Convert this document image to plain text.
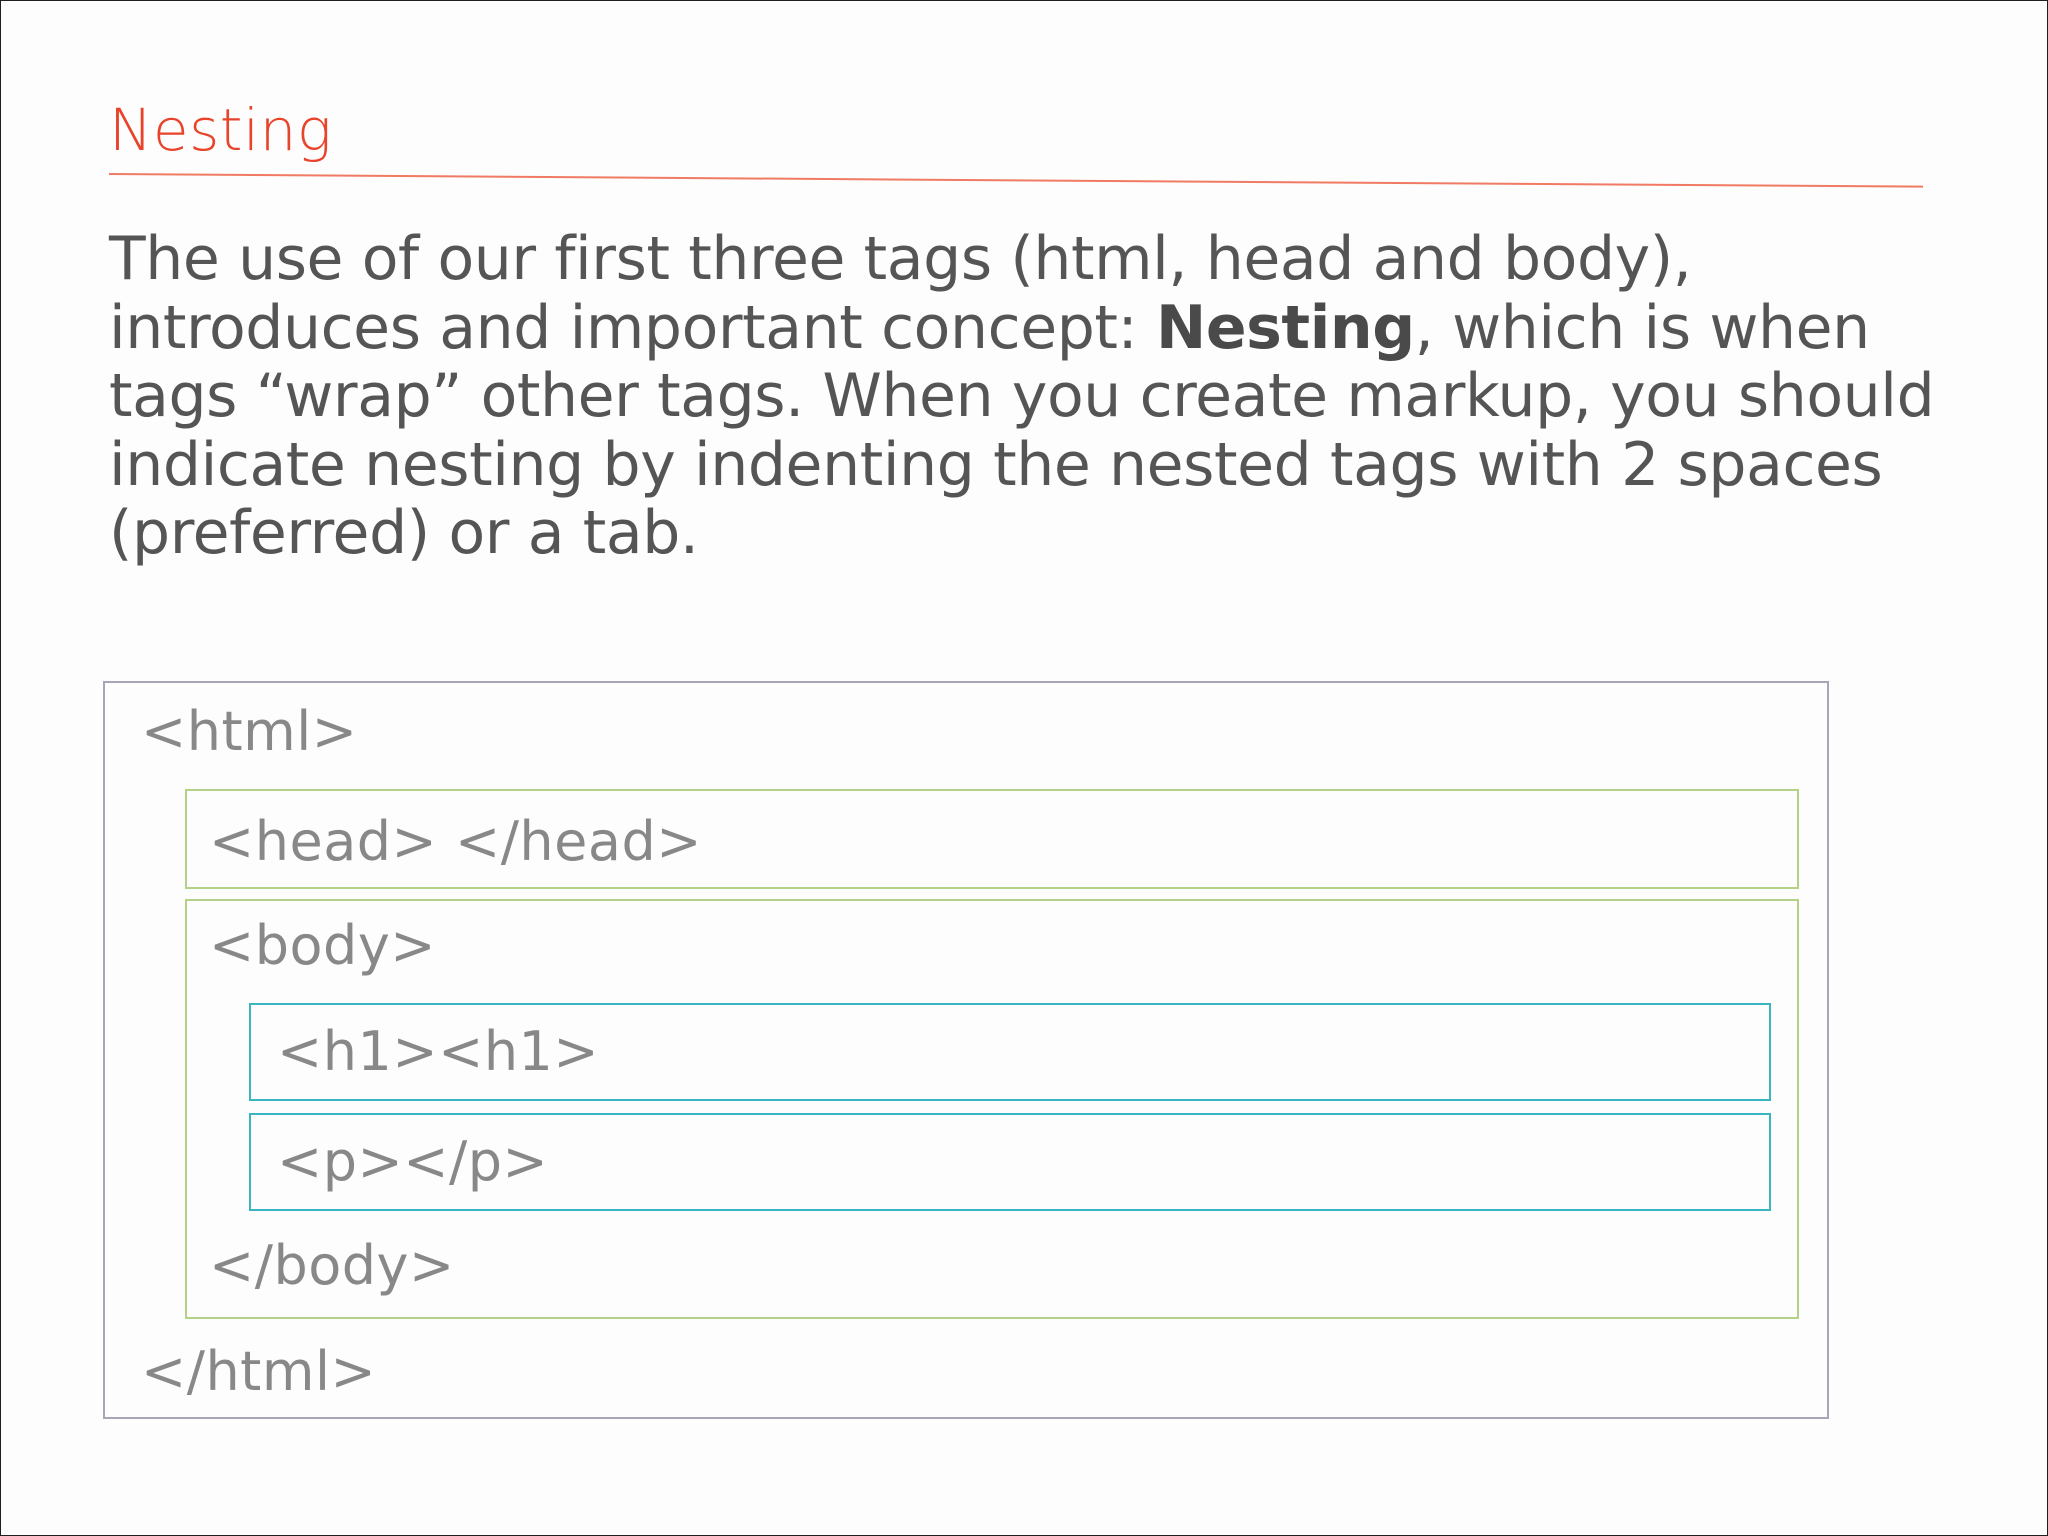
Nesting

The use of our first three tags (html, head and body),
introduces and important concept: Nesting, which is when
tags “wrap” other tags. When you create markup, you should
indicate nesting by indenting the nested tags with 2 spaces
(preferred) or a tab.

<html>
<head> </head>
<body>
<h1><h1>
<p></p>
</body>
</html>
